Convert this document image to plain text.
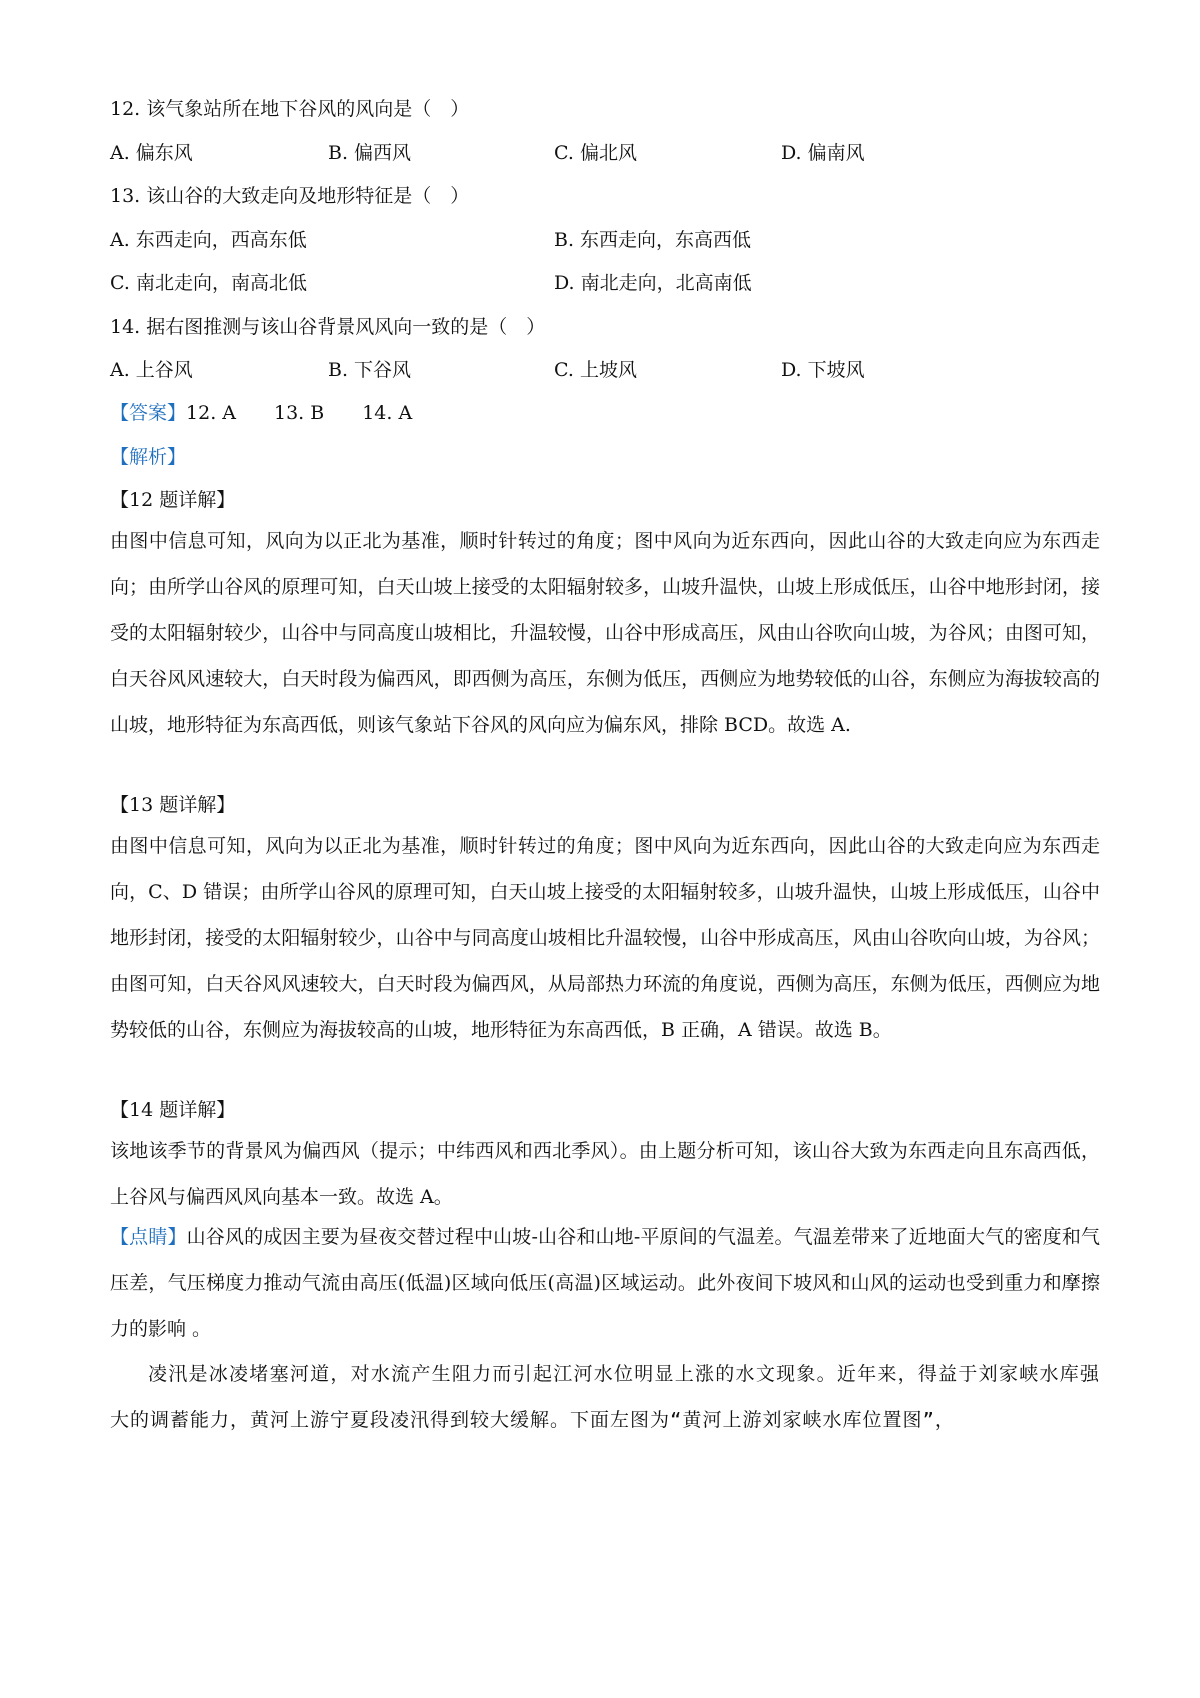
12. 该气象站所在地下谷风的风向是（　）
A. 偏东风	B. 偏西风	C. 偏北风	D. 偏南风
13. 该山谷的大致走向及地形特征是（　）
A. 东西走向，西高东低	B. 东西走向，东高西低
C. 南北走向，南高北低	D. 南北走向，北高南低
14. 据右图推测与该山谷背景风风向一致的是（　）
A. 上谷风	B. 下谷风	C. 上坡风	D. 下坡风
【答案】12. A 13. B 14. A
【解析】
【12 题详解】
由图中信息可知，风向为以正北为基准，顺时针转过的角度；图中风向为近东西向，因此山谷的大致走向应为东西走向；由所学山谷风的原理可知，白天山坡上接受的太阳辐射较多，山坡升温快，山坡上形成低压，山谷中地形封闭，接受的太阳辐射较少，山谷中与同高度山坡相比，升温较慢，山谷中形成高压，风由山谷吹向山坡，为谷风；由图可知，白天谷风风速较大，白天时段为偏西风，即西侧为高压，东侧为低压，西侧应为地势较低的山谷，东侧应为海拔较高的山坡，地形特征为东高西低，则该气象站下谷风的风向应为偏东风，排除 BCD。故选 A.
【13 题详解】
由图中信息可知，风向为以正北为基准，顺时针转过的角度；图中风向为近东西向，因此山谷的大致走向应为东西走向，C、D 错误；由所学山谷风的原理可知，白天山坡上接受的太阳辐射较多，山坡升温快，山坡上形成低压，山谷中地形封闭，接受的太阳辐射较少，山谷中与同高度山坡相比升温较慢，山谷中形成高压，风由山谷吹向山坡，为谷风；由图可知，白天谷风风速较大，白天时段为偏西风，从局部热力环流的角度说，西侧为高压，东侧为低压，西侧应为地势较低的山谷，东侧应为海拔较高的山坡，地形特征为东高西低，B 正确，A 错误。故选 B。
【14 题详解】
该地该季节的背景风为偏西风（提示；中纬西风和西北季风）。由上题分析可知，该山谷大致为东西走向且东高西低，上谷风与偏西风风向基本一致。故选 A。
【点睛】山谷风的成因主要为昼夜交替过程中山坡-山谷和山地-平原间的气温差。气温差带来了近地面大气的密度和气压差，气压梯度力推动气流由高压(低温)区域向低压(高温)区域运动。此外夜间下坡风和山风的运动也受到重力和摩擦力的影响 。
凌汛是冰凌堵塞河道，对水流产生阻力而引起江河水位明显上涨的水文现象。近年来，得益于刘家峡水库强大的调蓄能力，黄河上游宁夏段凌汛得到较大缓解。下面左图为“黄河上游刘家峡水库位置图”，
